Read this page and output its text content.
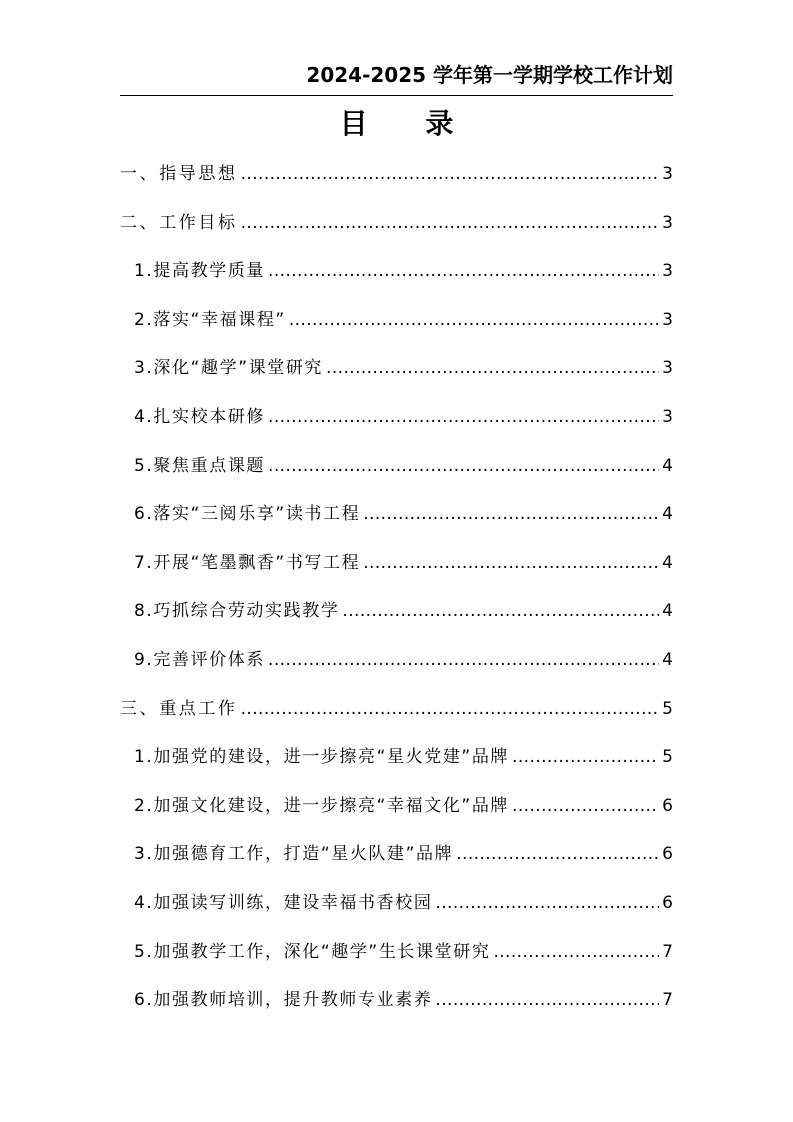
2024-2025 学年第一学期学校工作计划
目 录
一、指导思想 .....	3
二、工作目标 .....	3
1.提高教学质量 .....	3
2.落实“幸福课程” .....	3
3.深化“趣学”课堂研究 .....	3
4.扎实校本研修 .....	3
5.聚焦重点课题 .....	4
6.落实“三阅乐享”读书工程 .....	4
7.开展“笔墨飘香”书写工程 .....	4
8.巧抓综合劳动实践教学 .....	4
9.完善评价体系 .....	4
三、重点工作 .....	5
1.加强党的建设，进一步擦亮“星火党建”品牌 .....	5
2.加强文化建设，进一步擦亮“幸福文化”品牌 .....	6
3.加强德育工作，打造“星火队建”品牌 .....	6
4.加强读写训练，建设幸福书香校园 .....	6
5.加强教学工作，深化“趣学”生长课堂研究 .....	7
6.加强教师培训，提升教师专业素养 .....	7
